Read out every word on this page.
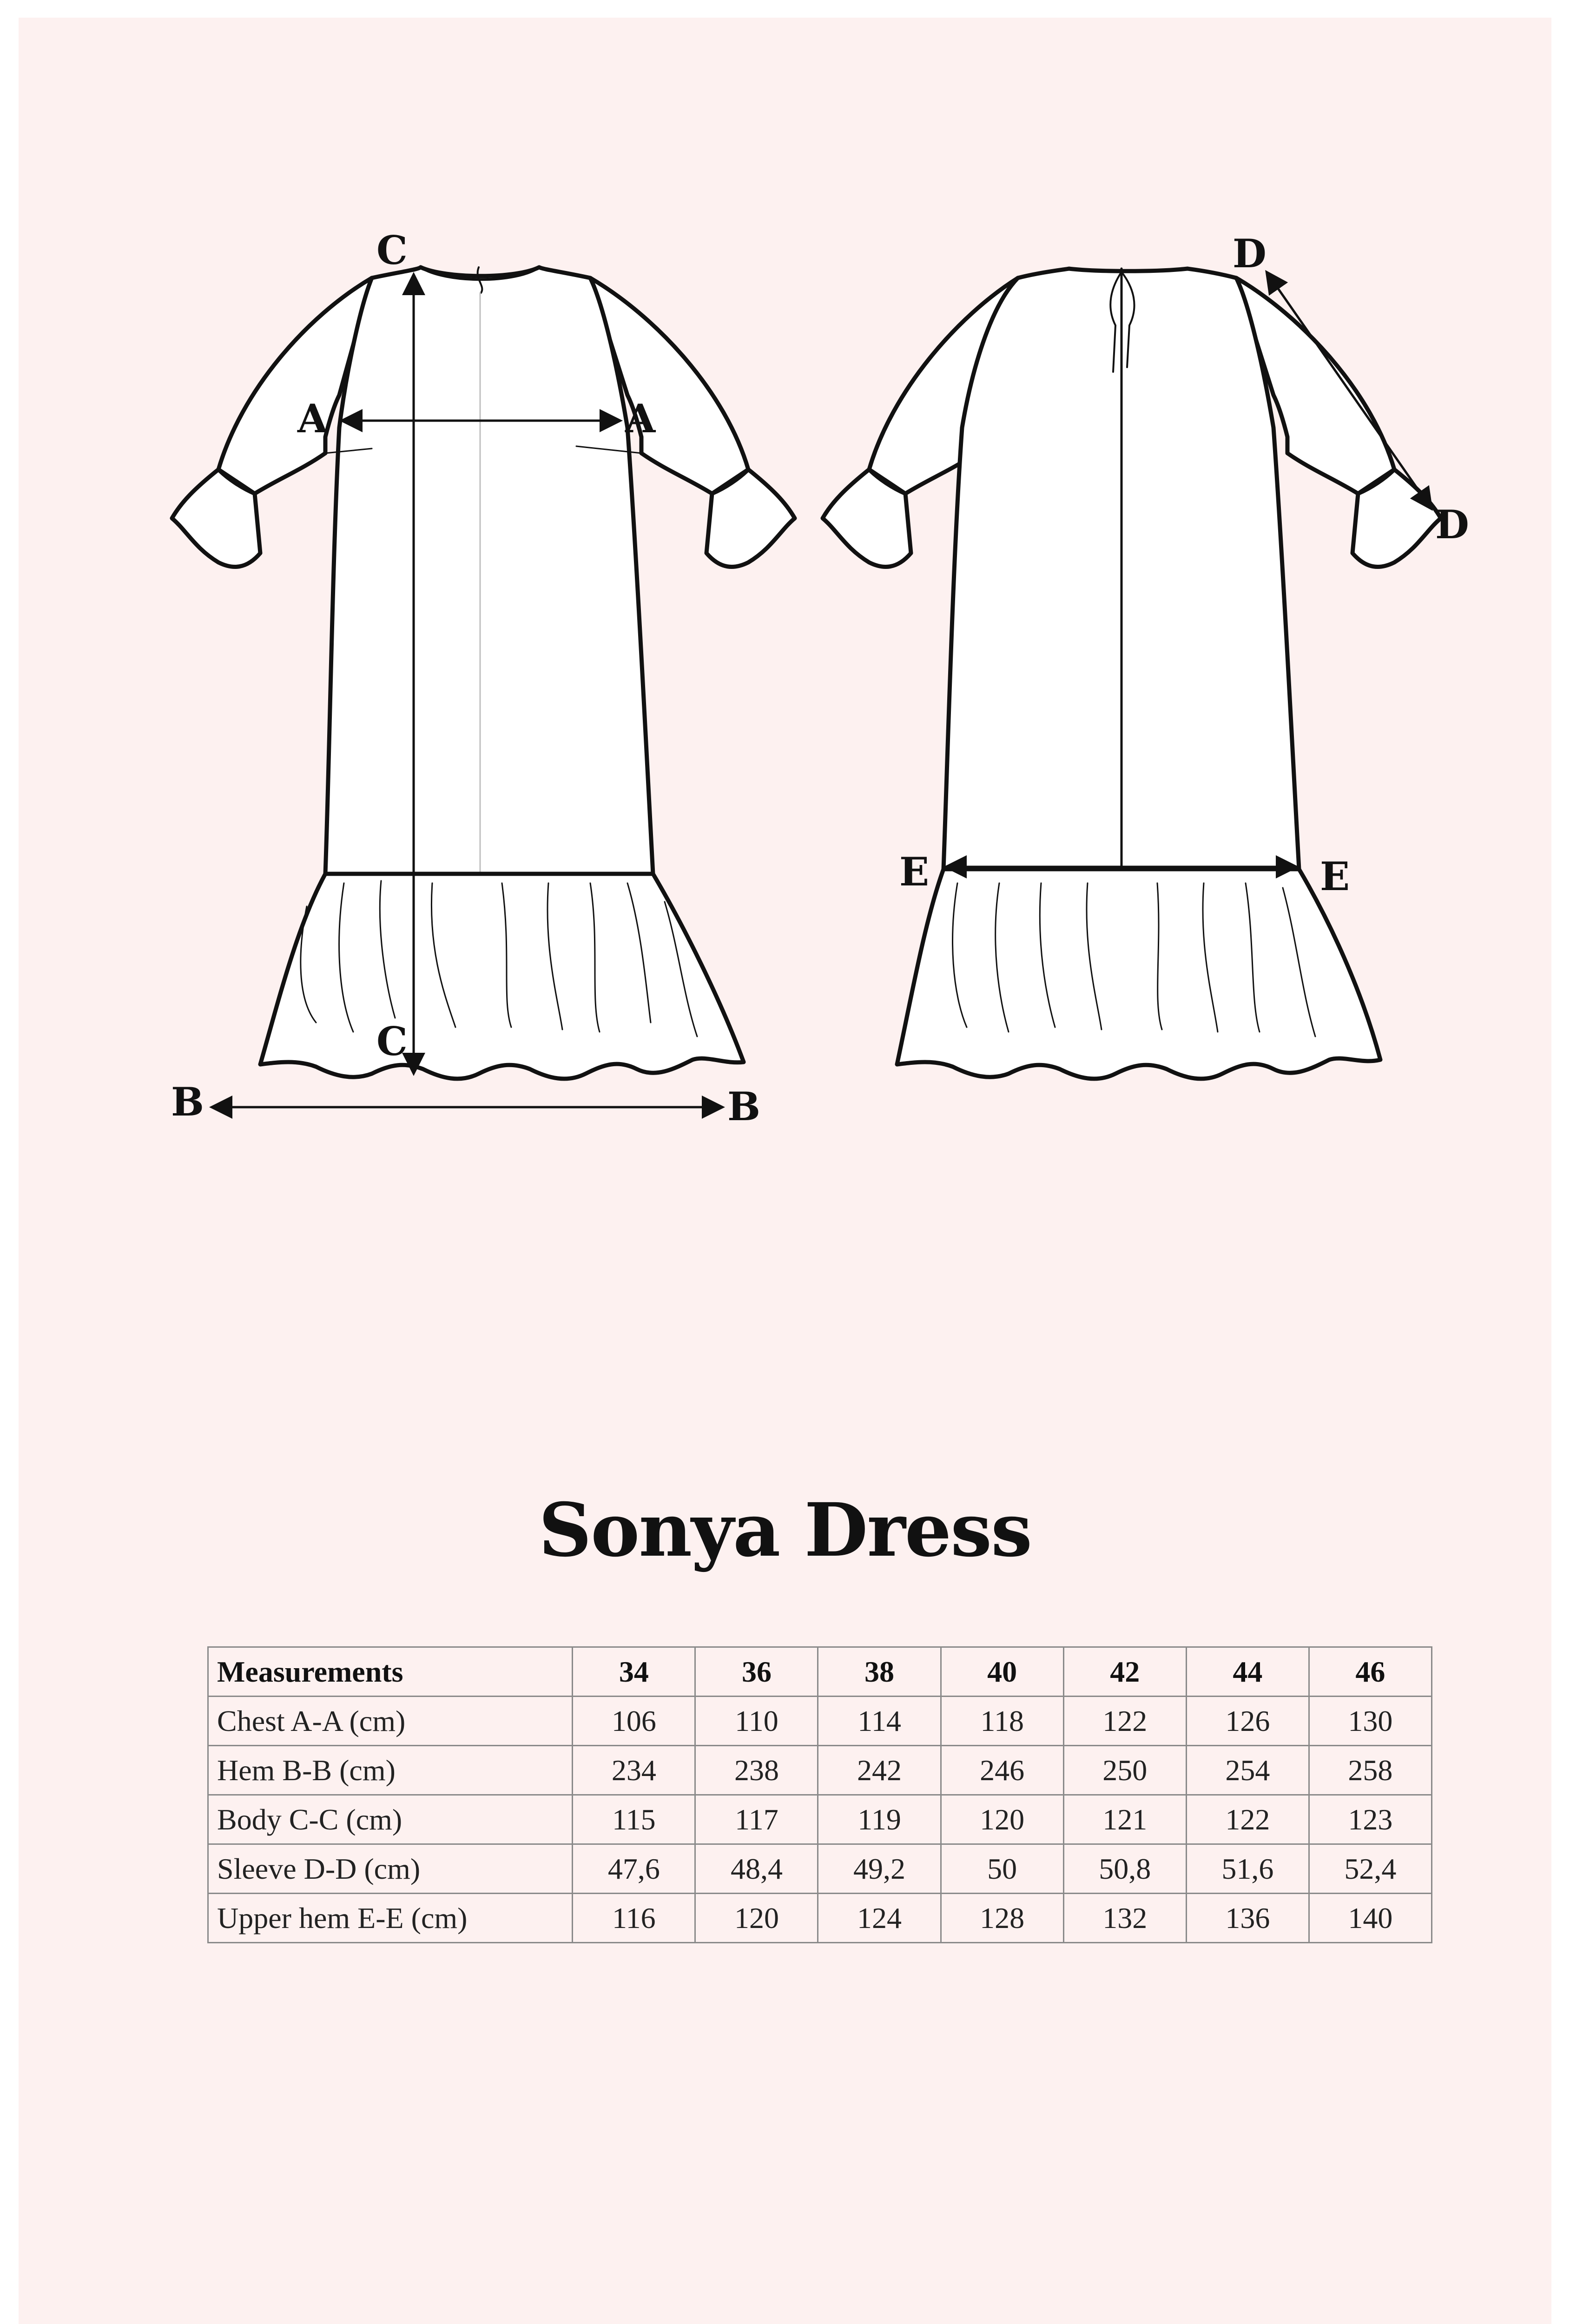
C
C
A	A
B	B
D
D
E	E
Sonya Dress
Measurements	34	36	38	40	42	44	46
Chest A-A (cm)	106	110	114	118	122	126	130
Hem B-B (cm)	234	238	242	246	250	254	258
Body C-C (cm)	115	117	119	120	121	122	123
Sleeve D-D (cm)	47,6	48,4	49,2	50	50,8	51,6	52,4
Upper hem E-E (cm)	116	120	124	128	132	136	140
